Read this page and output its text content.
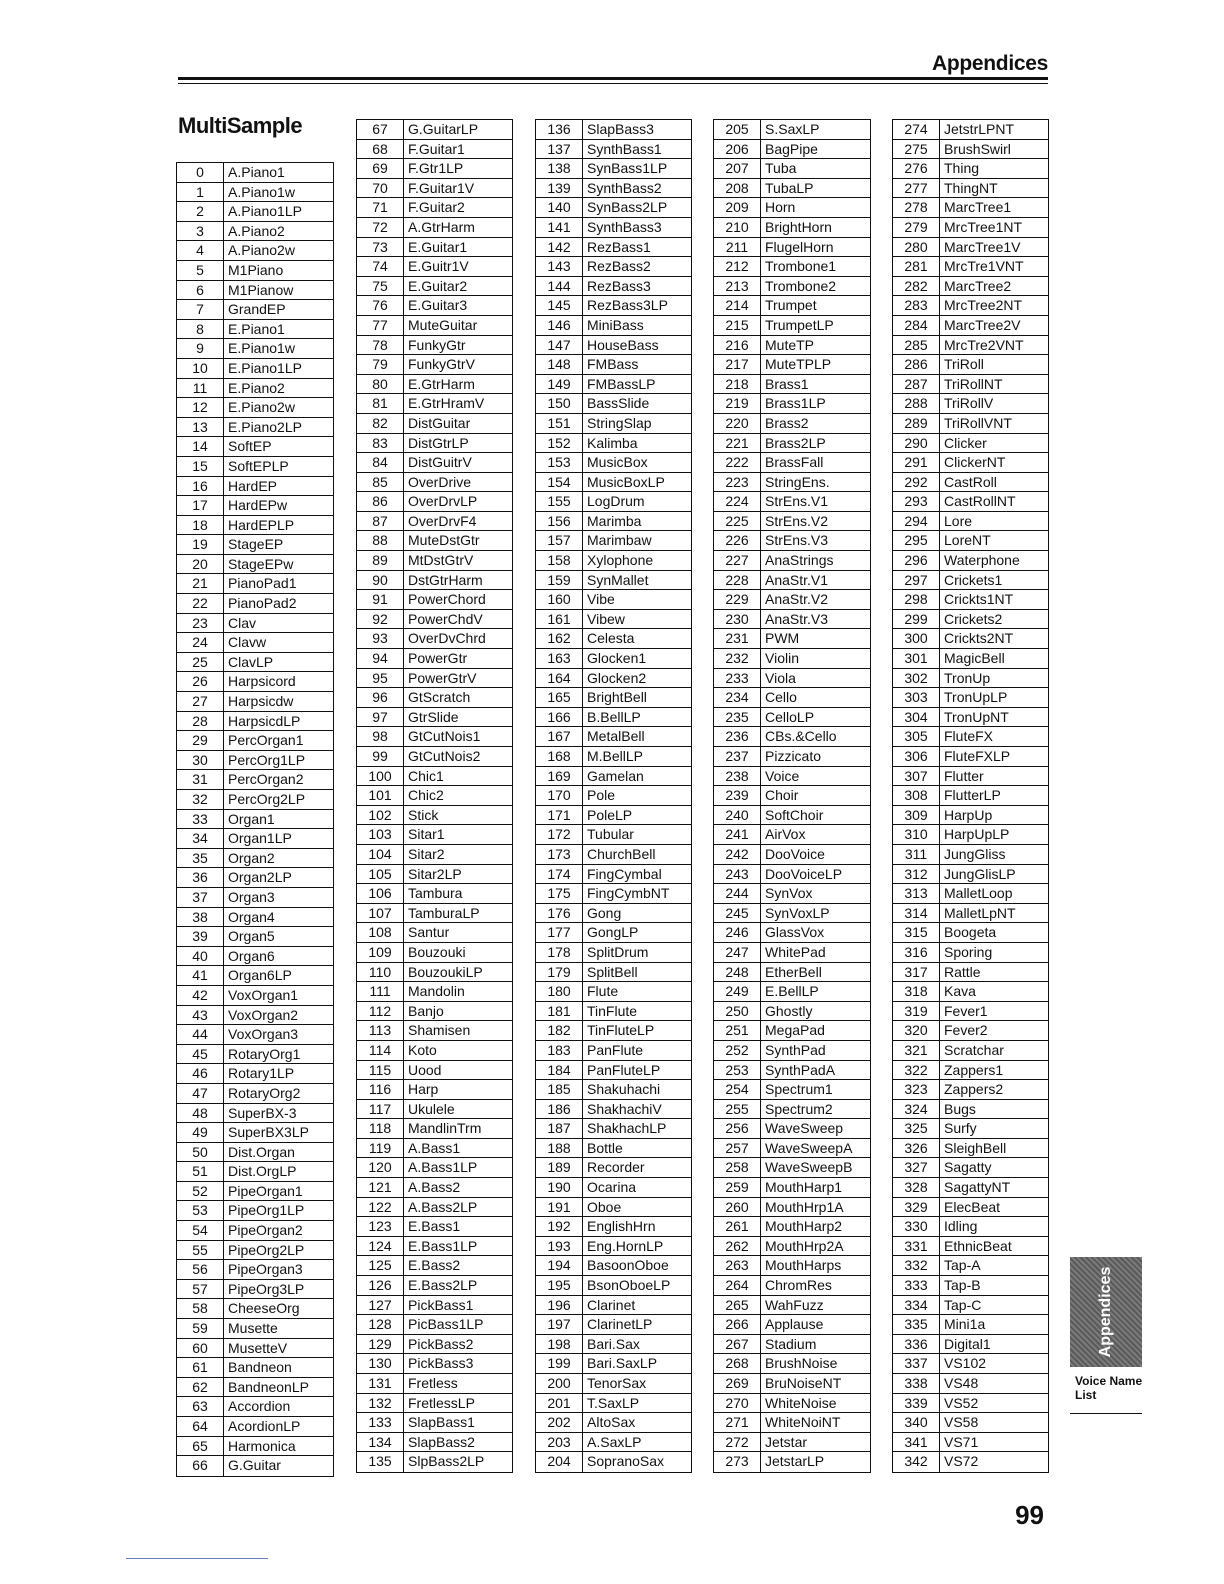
Appendices
MultiSample
0	A.Piano1
1	A.Piano1w
2	A.Piano1LP
3	A.Piano2
4	A.Piano2w
5	M1Piano
6	M1Pianow
7	GrandEP
8	E.Piano1
9	E.Piano1w
10	E.Piano1LP
11	E.Piano2
12	E.Piano2w
13	E.Piano2LP
14	SoftEP
15	SoftEPLP
16	HardEP
17	HardEPw
18	HardEPLP
19	StageEP
20	StageEPw
21	PianoPad1
22	PianoPad2
23	Clav
24	Clavw
25	ClavLP
26	Harpsicord
27	Harpsicdw
28	HarpsicdLP
29	PercOrgan1
30	PercOrg1LP
31	PercOrgan2
32	PercOrg2LP
33	Organ1
34	Organ1LP
35	Organ2
36	Organ2LP
37	Organ3
38	Organ4
39	Organ5
40	Organ6
41	Organ6LP
42	VoxOrgan1
43	VoxOrgan2
44	VoxOrgan3
45	RotaryOrg1
46	Rotary1LP
47	RotaryOrg2
48	SuperBX-3
49	SuperBX3LP
50	Dist.Organ
51	Dist.OrgLP
52	PipeOrgan1
53	PipeOrg1LP
54	PipeOrgan2
55	PipeOrg2LP
56	PipeOrgan3
57	PipeOrg3LP
58	CheeseOrg
59	Musette
60	MusetteV
61	Bandneon
62	BandneonLP
63	Accordion
64	AcordionLP
65	Harmonica
66	G.Guitar
67	G.GuitarLP
68	F.Guitar1
69	F.Gtr1LP
70	F.Guitar1V
71	F.Guitar2
72	A.GtrHarm
73	E.Guitar1
74	E.Guitr1V
75	E.Guitar2
76	E.Guitar3
77	MuteGuitar
78	FunkyGtr
79	FunkyGtrV
80	E.GtrHarm
81	E.GtrHramV
82	DistGuitar
83	DistGtrLP
84	DistGuitrV
85	OverDrive
86	OverDrvLP
87	OverDrvF4
88	MuteDstGtr
89	MtDstGtrV
90	DstGtrHarm
91	PowerChord
92	PowerChdV
93	OverDvChrd
94	PowerGtr
95	PowerGtrV
96	GtScratch
97	GtrSlide
98	GtCutNois1
99	GtCutNois2
100	Chic1
101	Chic2
102	Stick
103	Sitar1
104	Sitar2
105	Sitar2LP
106	Tambura
107	TamburaLP
108	Santur
109	Bouzouki
110	BouzoukiLP
111	Mandolin
112	Banjo
113	Shamisen
114	Koto
115	Uood
116	Harp
117	Ukulele
118	MandlinTrm
119	A.Bass1
120	A.Bass1LP
121	A.Bass2
122	A.Bass2LP
123	E.Bass1
124	E.Bass1LP
125	E.Bass2
126	E.Bass2LP
127	PickBass1
128	PicBass1LP
129	PickBass2
130	PickBass3
131	Fretless
132	FretlessLP
133	SlapBass1
134	SlapBass2
135	SlpBass2LP
136	SlapBass3
137	SynthBass1
138	SynBass1LP
139	SynthBass2
140	SynBass2LP
141	SynthBass3
142	RezBass1
143	RezBass2
144	RezBass3
145	RezBass3LP
146	MiniBass
147	HouseBass
148	FMBass
149	FMBassLP
150	BassSlide
151	StringSlap
152	Kalimba
153	MusicBox
154	MusicBoxLP
155	LogDrum
156	Marimba
157	Marimbaw
158	Xylophone
159	SynMallet
160	Vibe
161	Vibew
162	Celesta
163	Glocken1
164	Glocken2
165	BrightBell
166	B.BellLP
167	MetalBell
168	M.BellLP
169	Gamelan
170	Pole
171	PoleLP
172	Tubular
173	ChurchBell
174	FingCymbal
175	FingCymbNT
176	Gong
177	GongLP
178	SplitDrum
179	SplitBell
180	Flute
181	TinFlute
182	TinFluteLP
183	PanFlute
184	PanFluteLP
185	Shakuhachi
186	ShakhachiV
187	ShakhachLP
188	Bottle
189	Recorder
190	Ocarina
191	Oboe
192	EnglishHrn
193	Eng.HornLP
194	BasoonOboe
195	BsonOboeLP
196	Clarinet
197	ClarinetLP
198	Bari.Sax
199	Bari.SaxLP
200	TenorSax
201	T.SaxLP
202	AltoSax
203	A.SaxLP
204	SopranoSax
205	S.SaxLP
206	BagPipe
207	Tuba
208	TubaLP
209	Horn
210	BrightHorn
211	FlugelHorn
212	Trombone1
213	Trombone2
214	Trumpet
215	TrumpetLP
216	MuteTP
217	MuteTPLP
218	Brass1
219	Brass1LP
220	Brass2
221	Brass2LP
222	BrassFall
223	StringEns.
224	StrEns.V1
225	StrEns.V2
226	StrEns.V3
227	AnaStrings
228	AnaStr.V1
229	AnaStr.V2
230	AnaStr.V3
231	PWM
232	Violin
233	Viola
234	Cello
235	CelloLP
236	CBs.&Cello
237	Pizzicato
238	Voice
239	Choir
240	SoftChoir
241	AirVox
242	DooVoice
243	DooVoiceLP
244	SynVox
245	SynVoxLP
246	GlassVox
247	WhitePad
248	EtherBell
249	E.BellLP
250	Ghostly
251	MegaPad
252	SynthPad
253	SynthPadA
254	Spectrum1
255	Spectrum2
256	WaveSweep
257	WaveSweepA
258	WaveSweepB
259	MouthHarp1
260	MouthHrp1A
261	MouthHarp2
262	MouthHrp2A
263	MouthHarps
264	ChromRes
265	WahFuzz
266	Applause
267	Stadium
268	BrushNoise
269	BruNoiseNT
270	WhiteNoise
271	WhiteNoiNT
272	Jetstar
273	JetstarLP
274	JetstrLPNT
275	BrushSwirl
276	Thing
277	ThingNT
278	MarcTree1
279	MrcTree1NT
280	MarcTree1V
281	MrcTre1VNT
282	MarcTree2
283	MrcTree2NT
284	MarcTree2V
285	MrcTre2VNT
286	TriRoll
287	TriRollNT
288	TriRollV
289	TriRollVNT
290	Clicker
291	ClickerNT
292	CastRoll
293	CastRollNT
294	Lore
295	LoreNT
296	Waterphone
297	Crickets1
298	Crickts1NT
299	Crickets2
300	Crickts2NT
301	MagicBell
302	TronUp
303	TronUpLP
304	TronUpNT
305	FluteFX
306	FluteFXLP
307	Flutter
308	FlutterLP
309	HarpUp
310	HarpUpLP
311	JungGliss
312	JungGlisLP
313	MalletLoop
314	MalletLpNT
315	Boogeta
316	Sporing
317	Rattle
318	Kava
319	Fever1
320	Fever2
321	Scratchar
322	Zappers1
323	Zappers2
324	Bugs
325	Surfy
326	SleighBell
327	Sagatty
328	SagattyNT
329	ElecBeat
330	Idling
331	EthnicBeat
332	Tap-A
333	Tap-B
334	Tap-C
335	Mini1a
336	Digital1
337	VS102
338	VS48
339	VS52
340	VS58
341	VS71
342	VS72
Appendices
Voice Name List
99
